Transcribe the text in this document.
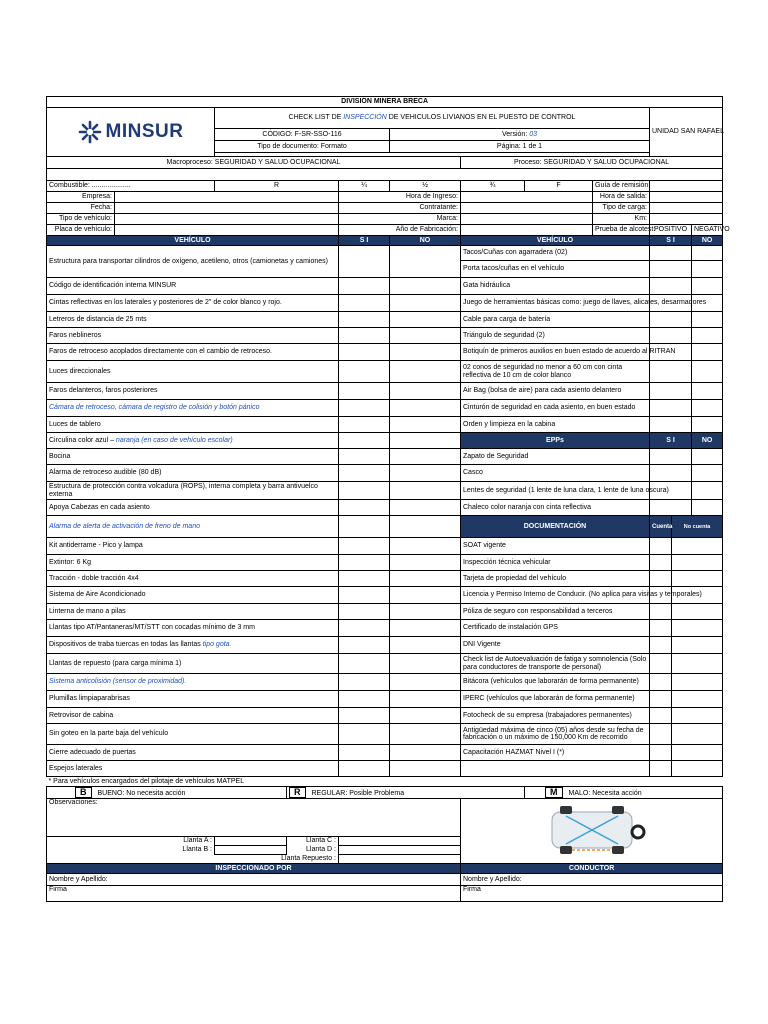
DIVISIÓN MINERA BRECA												

MINSUR		CHECK LIST DE INSPECCIÓN DE VEHICULOS LIVIANOS EN EL PUESTO DE CONTROL							UNIDAD SAN RAFAEL			
		CÓDIGO: F-SR-SSO-116			Versión: 03							
		Tipo de documento: Formato			Página: 1 de 1							

Macroproceso: SEGURIDAD Y SALUD OCUPACIONAL						Proceso: SEGURIDAD Y SALUD OCUPACIONAL						

Combustible: ....................		R		¼	½	¾	F	Guía de remisión:				
Empresa:				Hora de Ingreso:				Hora de salida:				
Fecha:				Contratante:				Tipo de carga:				
Tipo de vehículo:				Marca:				Km:				
Placa de vehículo:				Año de Fabricación:				Prueba de alcotest:	POSITIVO		NEGATIVO	
VEHÍCULO				S I	NO	VEHÍCULO			S I		NO	
Estructura para transportar cilindros de oxígeno, acetileno, otros (camionetas y camiones)						Tacos/Cuñas con agarradera (02)						
						Porta tacos/cuñas en el vehículo						
Código de identificación interna MINSUR						Gata hidráulica						
Cintas reflectivas en los laterales y posteriores de 2" de color blanco y rojo.						Juego de herramientas básicas como: juego de llaves, alicates, desarmadores						
Letreros de distancia de 25 mts						Cable para carga de batería						
Faros neblineros						Triángulo de seguridad (2)						
Faros de retroceso acoplados directamente con el cambio de retroceso.						Botiquín de primeros auxilios en buen estado de acuerdo al RITRAN						
Luces direccionales						02 conos de seguridad no menor a 60 cm con cinta reflectiva de 10 cm de color blanco						
Faros delanteros, faros posteriores						Air Bag (bolsa de aire) para cada asiento delantero						
Cámara de retroceso, cámara de registro de colisión y botón pánico						Cinturón de seguridad en cada asiento, en buen estado						
Luces de tablero						Orden y limpieza en la cabina						
Circulina color azul – naranja (en caso de vehículo escolar)						EPPs			S I		NO	
Bocina						Zapato de Seguridad						
Alarma de retroceso audible (80 dB)						Casco						
Estructura de protección contra volcadura (ROPS), interna completa y barra antivuelco externa						Lentes de seguridad (1 lente de luna clara, 1 lente de luna oscura)						
Apoya Cabezas en cada asiento						Chaleco color naranja con cinta reflectiva						
Alarma de alerta de activación de freno de mano						DOCUMENTACIÓN			Cuenta	No cuenta	
Kit antiderrame - Pico y lampa						SOAT vigente						
Extintor: 6 Kg						Inspección técnica vehicular						
Tracción - doble tracción 4x4						Tarjeta de propiedad del vehículo						
Sistema de Aire Acondicionado						Licencia y Permiso Interno de Conducir. (No aplica para visitas y temporales)						
Linterna de mano a pilas						Póliza de seguro con responsabilidad a terceros						
Llantas tipo AT/Pantaneras/MT/STT con cocadas mínimo de 3 mm						Certificado de instalación GPS						
Dispositivos de traba tuercas en todas las llantas tipo gota.						DNI Vigente						
Llantas de repuesto (para carga mínima 1)						Check list de Autoevaluación de fatiga y somnolencia (Solo para conductores de transporte de personal)						
Sistema anticolisión (sensor de proximidad).						Bitácora (vehículos que laborarán de forma permanente)						
Plumillas limpiaparabrisas						IPERC (vehículos que laborarán de forma permanente)						
Retrovisor de cabina						Fotocheck de su empresa (trabajadores permanentes)						
Sin goteo en la parte baja del vehículo						Antigüedad máxima de cinco (05) años desde su fecha de fabricación o un máximo de 150,000 Km de recorrido						
Cierre adecuado de puertas						Capacitación HAZMAT Nivel I (*)						
Espejos laterales												
* Para vehículos encargados del pilotaje de vehículos MATPEL												
B BUENO: No necesita acción			R REGULAR: Posible Problema				M MALO: Necesita acción					
Observaciones:	
Llanta A :			Llanta C :									
Llanta B :			Llanta D :									
Llanta Repuesto :												
INSPECCIONADO POR						CONDUCTOR						
Nombre y Apellido:						Nombre y Apellido:						
Firma						Firma						
